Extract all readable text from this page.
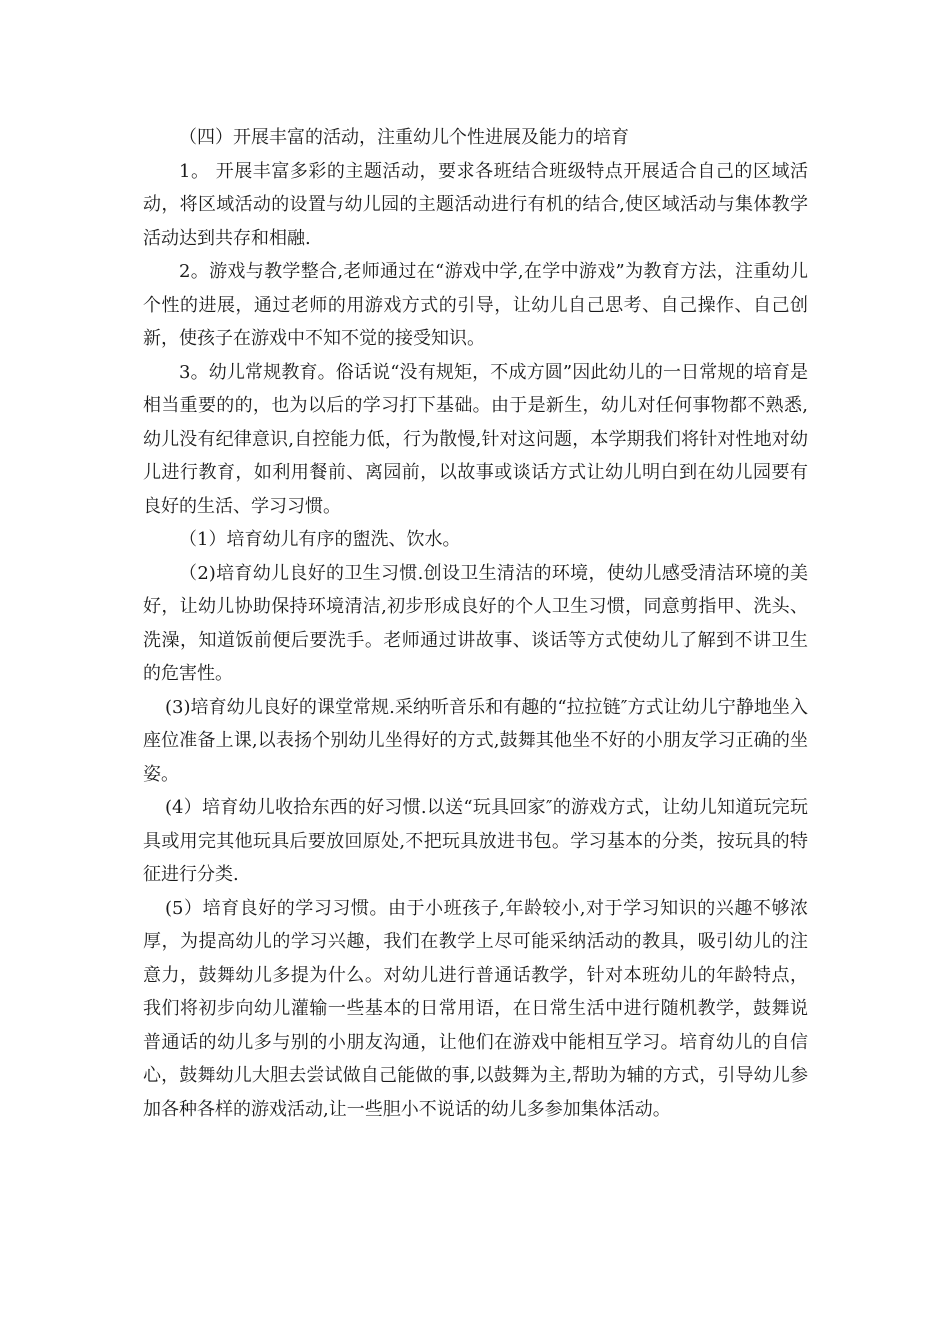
（四）开展丰富的活动，注重幼儿个性进展及能力的培育

1。 开展丰富多彩的主题活动，要求各班结合班级特点开展适合自己的区域活动，将区域活动的设置与幼儿园的主题活动进行有机的结合,使区域活动与集体教学活动达到共存和相融.

2。游戏与教学整合,老师通过在“游戏中学,在学中游戏”为教育方法，注重幼儿个性的进展，通过老师的用游戏方式的引导，让幼儿自己思考、自己操作、自己创新，使孩子在游戏中不知不觉的接受知识。

3。幼儿常规教育。俗话说“没有规矩，不成方圆”因此幼儿的一日常规的培育是相当重要的的，也为以后的学习打下基础。由于是新生，幼儿对任何事物都不熟悉,幼儿没有纪律意识,自控能力低，行为散慢,针对这问题，本学期我们将针对性地对幼儿进行教育，如利用餐前、离园前，以故事或谈话方式让幼儿明白到在幼儿园要有良好的生活、学习习惯。

（1）培育幼儿有序的盥洗、饮水。

（2)培育幼儿良好的卫生习惯.创设卫生清洁的环境，使幼儿感受清洁环境的美好，让幼儿协助保持环境清洁,初步形成良好的个人卫生习惯，同意剪指甲、洗头、洗澡，知道饭前便后要洗手。老师通过讲故事、谈话等方式使幼儿了解到不讲卫生的危害性。

(3)培育幼儿良好的课堂常规.采纳听音乐和有趣的“拉拉链″方式让幼儿宁静地坐入座位准备上课,以表扬个别幼儿坐得好的方式,鼓舞其他坐不好的小朋友学习正确的坐姿。

(4）培育幼儿收拾东西的好习惯.以送“玩具回家″的游戏方式，让幼儿知道玩完玩具或用完其他玩具后要放回原处,不把玩具放进书包。学习基本的分类，按玩具的特征进行分类.

(5）培育良好的学习习惯。由于小班孩子,年龄较小,对于学习知识的兴趣不够浓厚，为提高幼儿的学习兴趣，我们在教学上尽可能采纳活动的教具，吸引幼儿的注意力，鼓舞幼儿多提为什么。对幼儿进行普通话教学，针对本班幼儿的年龄特点，我们将初步向幼儿灌输一些基本的日常用语，在日常生活中进行随机教学，鼓舞说普通话的幼儿多与别的小朋友沟通，让他们在游戏中能相互学习。培育幼儿的自信心，鼓舞幼儿大胆去尝试做自己能做的事,以鼓舞为主,帮助为辅的方式，引导幼儿参加各种各样的游戏活动,让一些胆小不说话的幼儿多参加集体活动。
